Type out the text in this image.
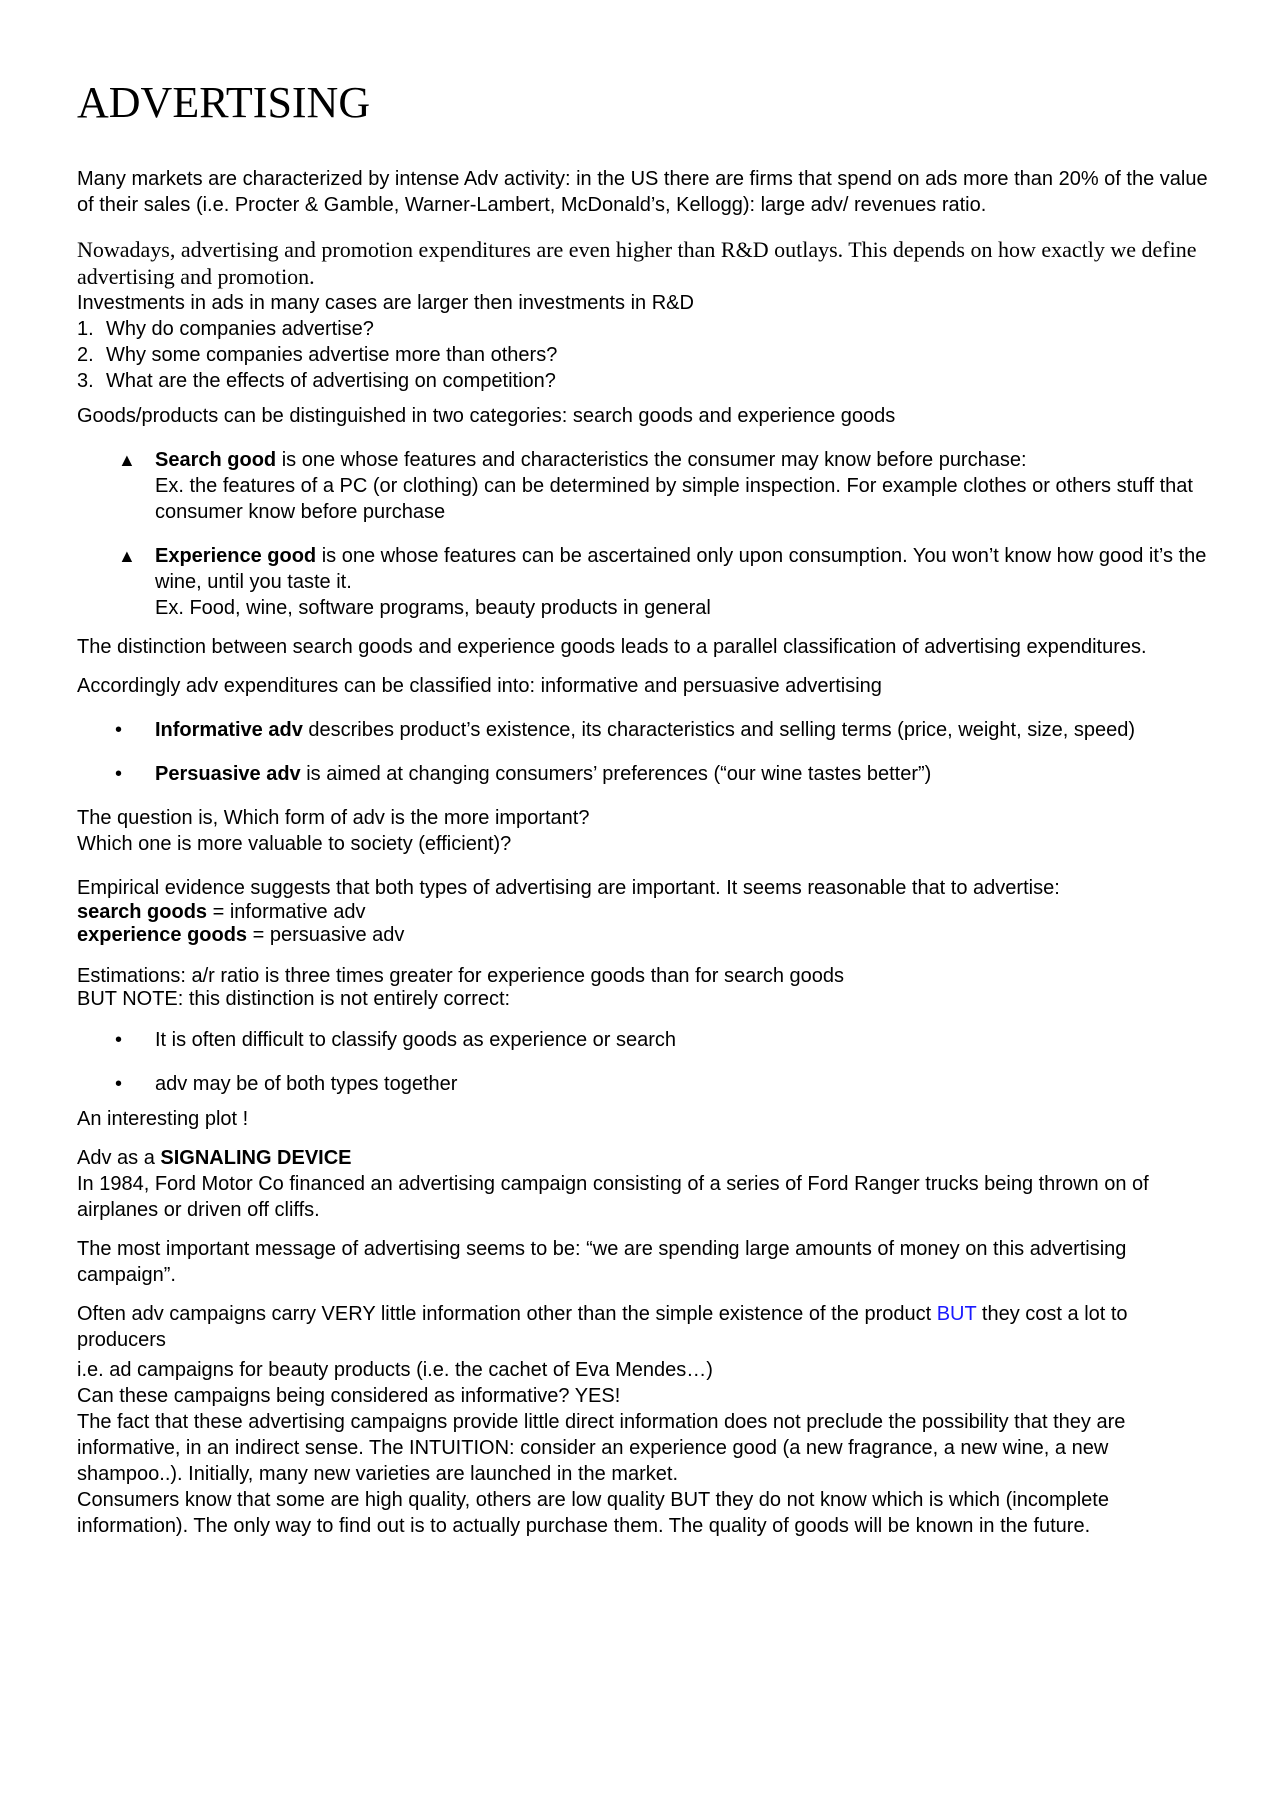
ADVERTISING

Many markets are characterized by intense Adv activity: in the US there are firms that spend on ads more than 20% of the value of their sales (i.e. Procter & Gamble, Warner-Lambert, McDonald’s, Kellogg): large adv/ revenues ratio.

Nowadays, advertising and promotion expenditures are even higher than R&D outlays. This depends on how exactly we define advertising and promotion.

Investments in ads in many cases are larger then investments in R&D

1. Why do companies advertise?
2. Why some companies advertise more than others?
3. What are the effects of advertising on competition?

Goods/products can be distinguished in two categories: search goods and experience goods

▲ Search good is one whose features and characteristics the consumer may know before purchase:
Ex. the features of a PC (or clothing) can be determined by simple inspection. For example clothes or others stuff that consumer know before purchase
▲ Experience good is one whose features can be ascertained only upon consumption. You won’t know how good it’s the wine, until you taste it.
Ex. Food, wine, software programs, beauty products in general

The distinction between search goods and experience goods leads to a parallel classification of advertising expenditures.

Accordingly adv expenditures can be classified into: informative and persuasive advertising

•	Informative adv describes product’s existence, its characteristics and selling terms (price, weight, size, speed)
•	Persuasive adv is aimed at changing consumers’ preferences (“our wine tastes better”)

The question is, Which form of adv is the more important?

Which one is more valuable to society (efficient)?

Empirical evidence suggests that both types of advertising are important. It seems reasonable that to advertise:

search goods = informative adv

experience goods = persuasive adv

Estimations: a/r ratio is three times greater for experience goods than for search goods

BUT NOTE: this distinction is not entirely correct:

•	It is often difficult to classify goods as experience or search
•	adv may be of both types together

An interesting plot !

Adv as a SIGNALING DEVICE

In 1984, Ford Motor Co financed an advertising campaign consisting of a series of Ford Ranger trucks being thrown on of airplanes or driven off cliffs.

The most important message of advertising seems to be: “we are spending large amounts of money on this advertising campaign”.

Often adv campaigns carry VERY little information other than the simple existence of the product BUT they cost a lot to producers

i.e. ad campaigns for beauty products (i.e. the cachet of Eva Mendes…)

Can these campaigns being considered as informative? YES!

The fact that these advertising campaigns provide little direct information does not preclude the possibility that they are informative, in an indirect sense. The INTUITION: consider an experience good (a new fragrance, a new wine, a new shampoo..). Initially, many new varieties are launched in the market.

Consumers know that some are high quality, others are low quality BUT they do not know which is which (incomplete information). The only way to find out is to actually purchase them. The quality of goods will be known in the future.
